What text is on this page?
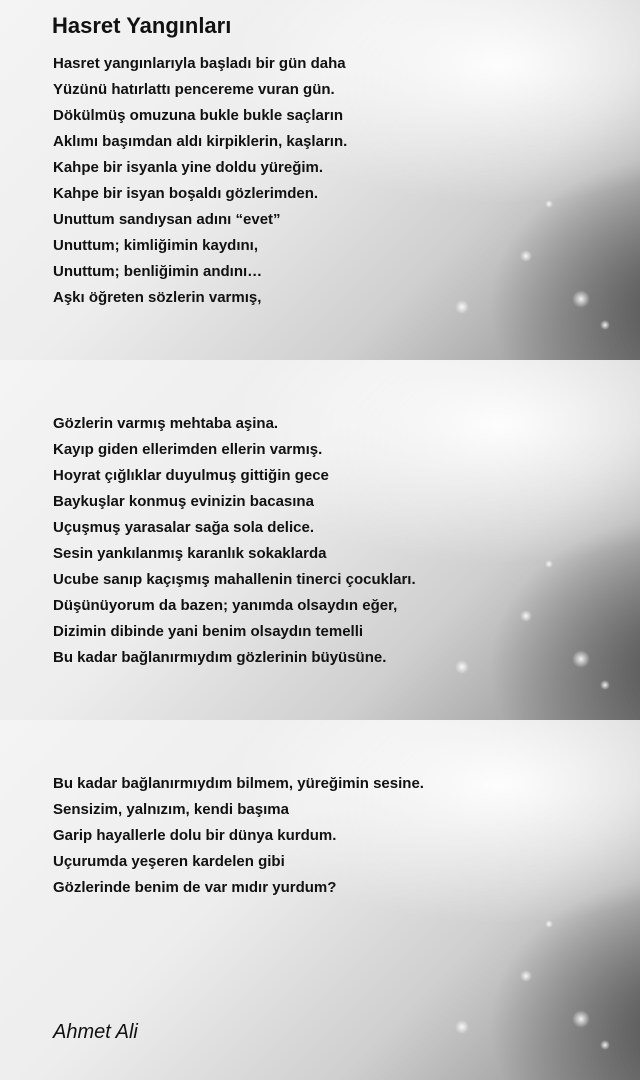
Hasret Yangınları
Hasret yangınlarıyla başladı bir gün daha
Yüzünü hatırlattı pencereme vuran gün.
Dökülmüş omuzuna bukle bukle saçların
Aklımı başımdan aldı kirpiklerin, kaşların.
Kahpe bir isyanla yine doldu yüreğim.
Kahpe bir isyan boşaldı gözlerimden.
Unuttum sandıysan adını “evet”
Unuttum; kimliğimin kaydını,
Unuttum; benliğimin andını…
Aşkı öğreten sözlerin varmış,
Gözlerin varmış mehtaba aşina.
Kayıp giden ellerimden ellerin varmış.
Hoyrat çığlıklar duyulmuş gittiğin gece
Baykuşlar konmuş evinizin bacasına
Uçuşmuş yarasalar sağa sola delice.
Sesin yankılanmış karanlık sokaklarda
Ucube sanıp kaçışmış mahallenin tinerci çocukları.
Düşünüyorum da bazen; yanımda olsaydın eğer,
Dizimin dibinde yani benim olsaydın temelli
Bu kadar bağlanırmıydım gözlerinin büyüsüne.
Bu kadar bağlanırmıydım bilmem, yüreğimin sesine.
Sensizim, yalnızım, kendi başıma
Garip hayallerle dolu bir dünya kurdum.
Uçurumda yeşeren kardelen gibi
Gözlerinde benim de var mıdır yurdum?
Ahmet Ali
